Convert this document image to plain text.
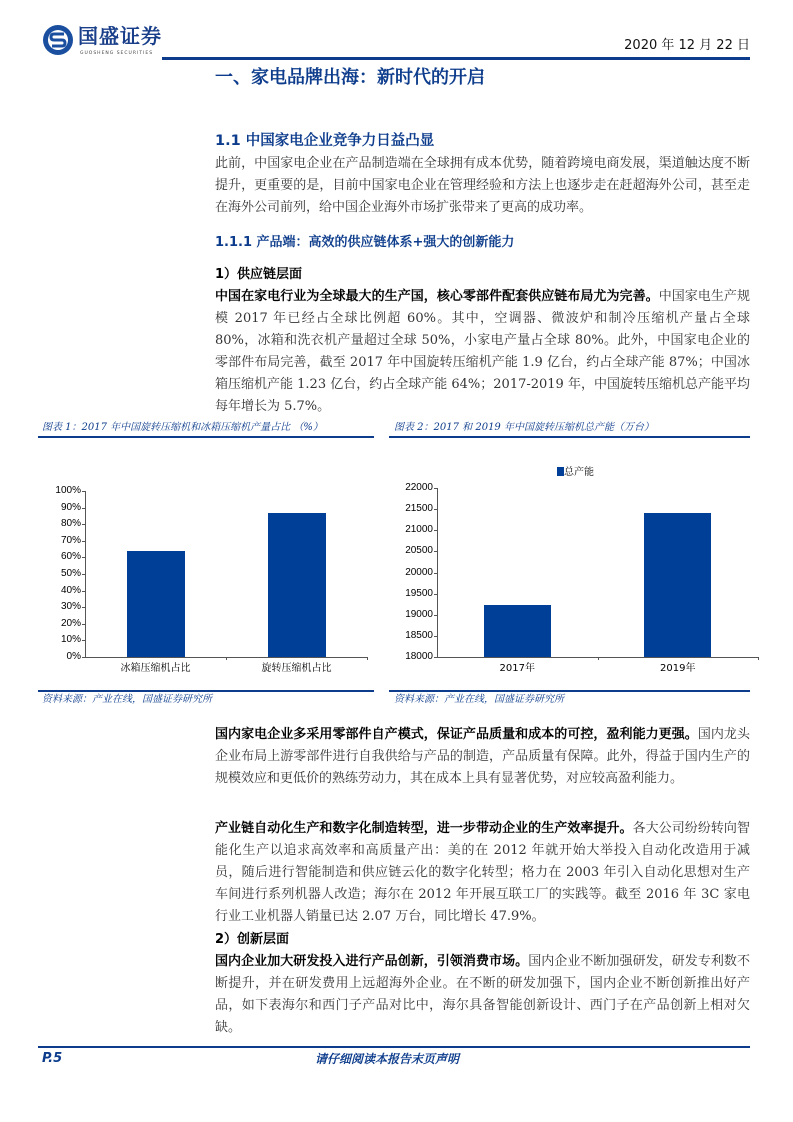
国盛证券
GUOSHENG SECURITIES
2020 年 12 月 22 日
一、家电品牌出海：新时代的开启
1.1 中国家电企业竞争力日益凸显
此前，中国家电企业在产品制造端在全球拥有成本优势，随着跨境电商发展，渠道触达度不断提升，更重要的是，目前中国家电企业在管理经验和方法上也逐步走在赶超海外公司，甚至走在海外公司前列，给中国企业海外市场扩张带来了更高的成功率。
1.1.1 产品端：高效的供应链体系+强大的创新能力
1）供应链层面
中国在家电行业为全球最大的生产国，核心零部件配套供应链布局尤为完善。中国家电生产规模 2017 年已经占全球比例超 60%。其中，空调器、微波炉和制冷压缩机产量占全球 80%，冰箱和洗衣机产量超过全球 50%，小家电产量占全球 80%。此外，中国家电企业的零部件布局完善，截至 2017 年中国旋转压缩机产能 1.9 亿台，约占全球产能 87%；中国冰箱压缩机产能 1.23 亿台，约占全球产能 64%；2017-2019 年，中国旋转压缩机总产能平均每年增长为 5.7%。
图表 1：2017 年中国旋转压缩机和冰箱压缩机产量占比 （%）	图表 2：2017 和 2019 年中国旋转压缩机总产能（万台）
0%
10%
20%
30%
40%
50%
60%
70%
80%
90%
100%
冰箱压缩机占比	旋转压缩机占比
18000
18500
19000
19500
20000
20500
21000
21500
22000
2017年	2019年
总产能
资料来源：产业在线，国盛证券研究所	资料来源：产业在线，国盛证券研究所
国内家电企业多采用零部件自产模式，保证产品质量和成本的可控，盈利能力更强。国内龙头企业布局上游零部件进行自我供给与产品的制造，产品质量有保障。此外，得益于国内生产的规模效应和更低价的熟练劳动力，其在成本上具有显著优势，对应较高盈利能力。
产业链自动化生产和数字化制造转型，进一步带动企业的生产效率提升。各大公司纷纷转向智能化生产以追求高效率和高质量产出：美的在 2012 年就开始大举投入自动化改造用于减员，随后进行智能制造和供应链云化的数字化转型；格力在 2003 年引入自动化思想对生产车间进行系列机器人改造；海尔在 2012 年开展互联工厂的实践等。截至 2016 年 3C 家电行业工业机器人销量已达 2.07 万台，同比增长 47.9%。
2）创新层面
国内企业加大研发投入进行产品创新，引领消费市场。国内企业不断加强研发，研发专利数不断提升，并在研发费用上远超海外企业。在不断的研发加强下，国内企业不断创新推出好产品，如下表海尔和西门子产品对比中，海尔具备智能创新设计、西门子在产品创新上相对欠缺。
P.5	请仔细阅读本报告末页声明
